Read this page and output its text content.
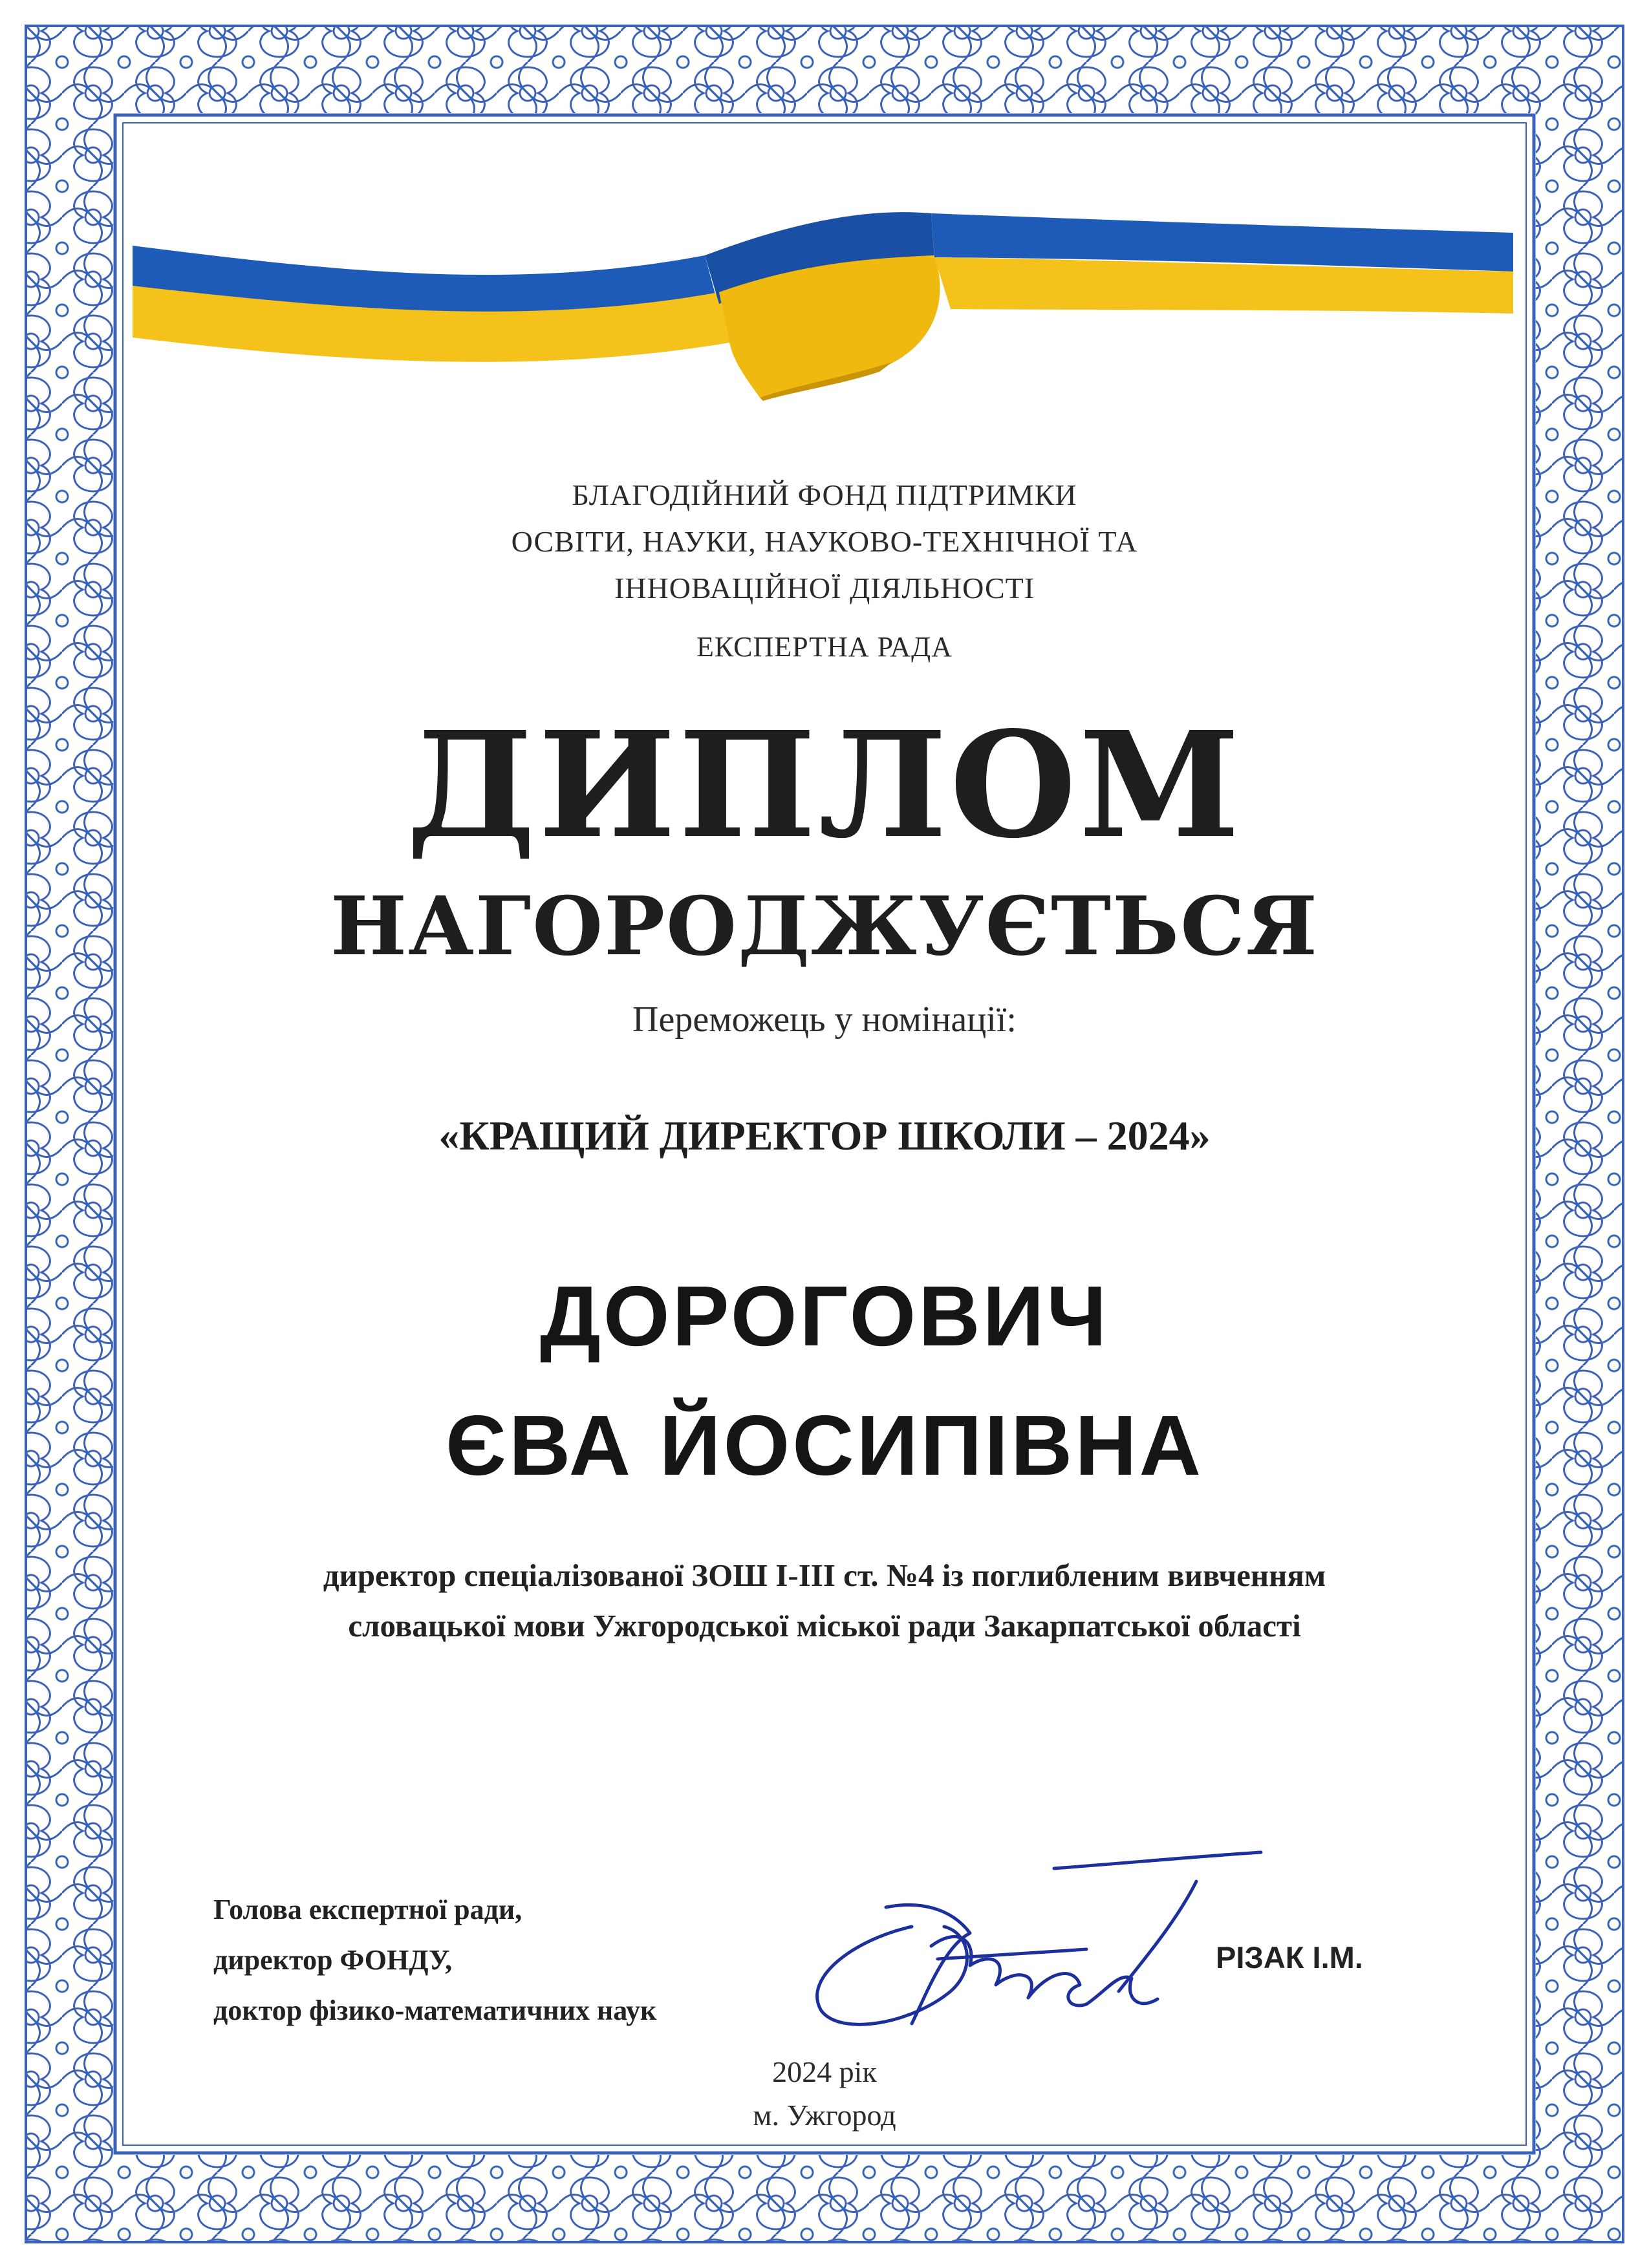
БЛАГОДІЙНИЙ ФОНД ПІДТРИМКИ
ОСВІТИ, НАУКИ, НАУКОВО-ТЕХНІЧНОЇ ТА
ІННОВАЦІЙНОЇ ДІЯЛЬНОСТІ
ЕКСПЕРТНА РАДА
ДИПЛОМ
НАГОРОДЖУЄТЬСЯ
Переможець у номінації:
«КРАЩИЙ ДИРЕКТОР ШКОЛИ – 2024»
ДОРОГОВИЧ
ЄВА ЙОСИПІВНА
директор спеціалізованої ЗОШ І-ІІІ ст. №4 із поглибленим вивченням
словацької мови Ужгородської міської ради Закарпатської області
Голова експертної ради,
директор ФОНДУ,
доктор фізико-математичних наук
РІЗАК І.М.
2024 рік
м. Ужгород
